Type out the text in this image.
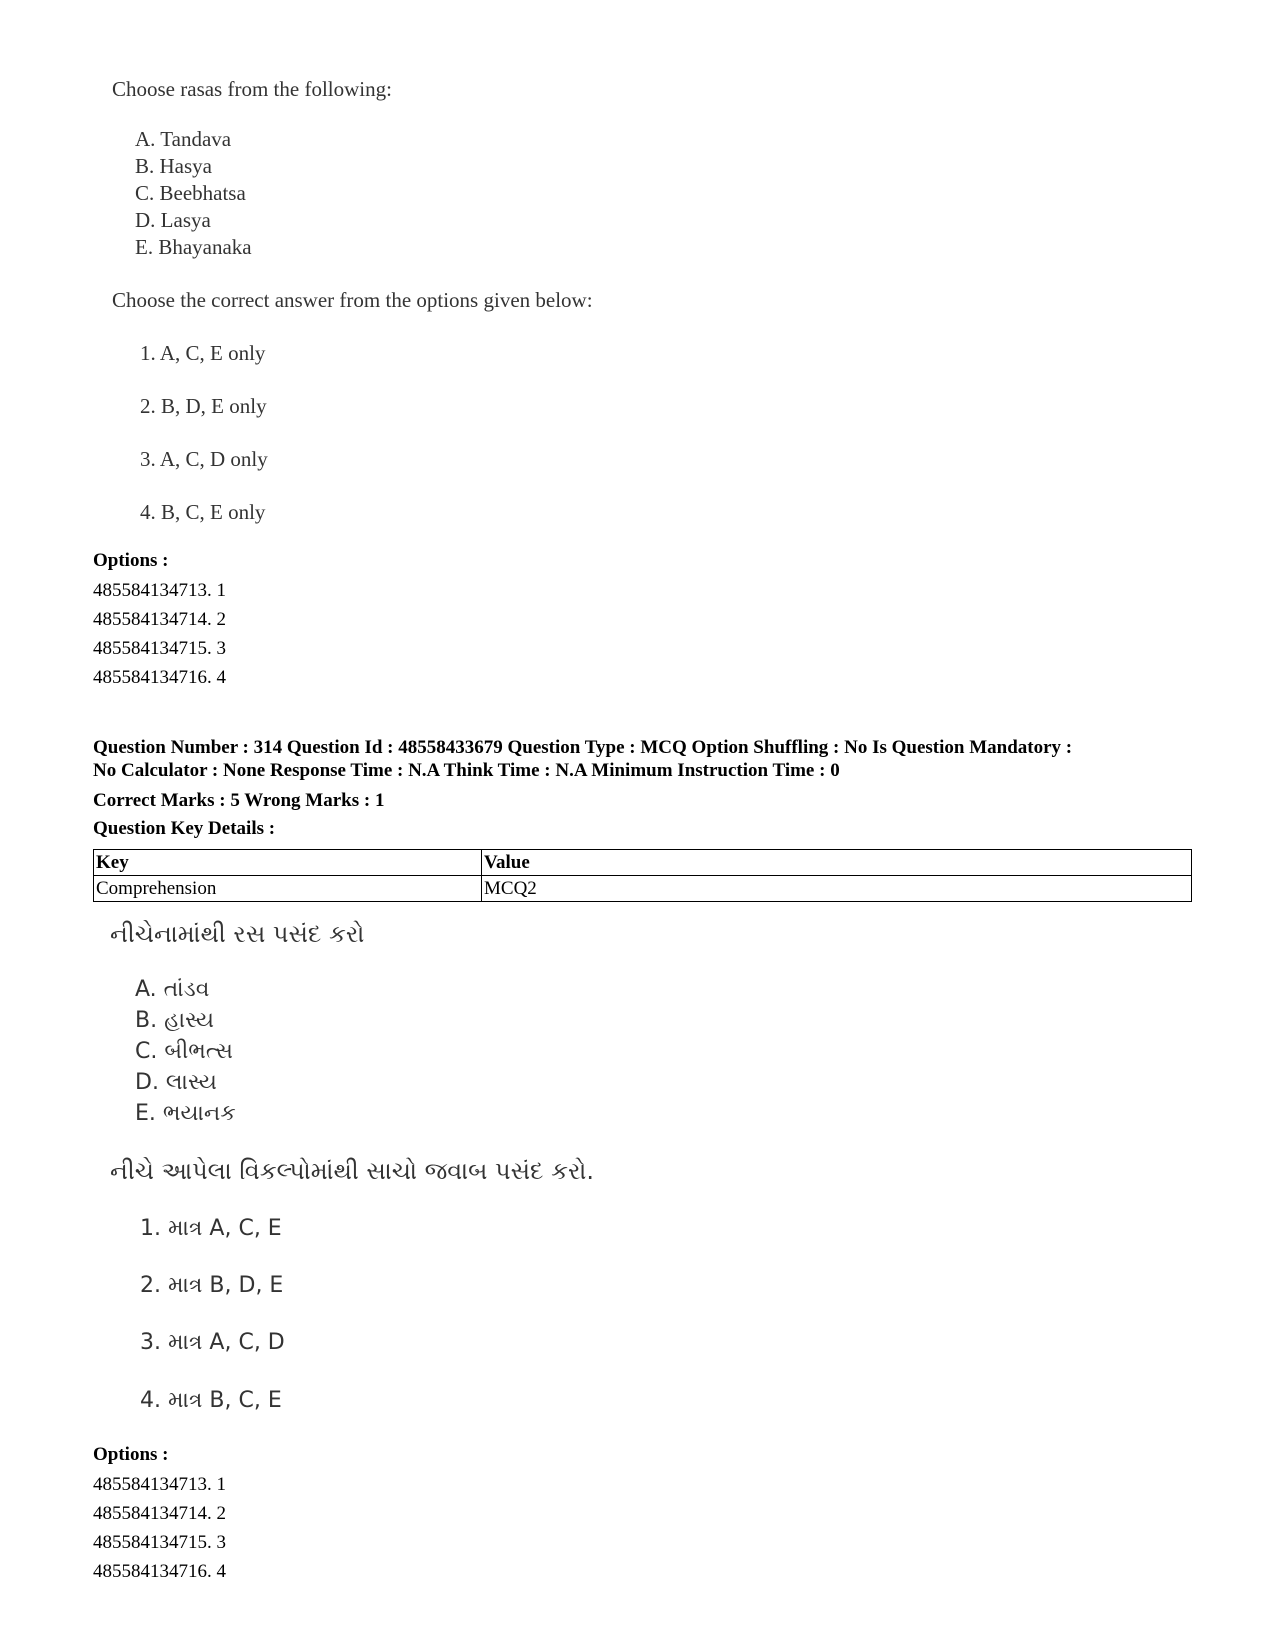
Choose rasas from the following:
A. Tandava
B. Hasya
C. Beebhatsa
D. Lasya
E. Bhayanaka
Choose the correct answer from the options given below:
1. A, C, E only
2. B, D, E only
3. A, C, D only
4. B, C, E only
Options :
485584134713. 1
485584134714. 2
485584134715. 3
485584134716. 4
Question Number : 314 Question Id : 48558433679 Question Type : MCQ Option Shuffling : No Is Question Mandatory :
No Calculator : None Response Time : N.A Think Time : N.A Minimum Instruction Time : 0
Correct Marks : 5 Wrong Marks : 1
Question Key Details :
Key	Value
Comprehension	MCQ2
નીચેનામાંથી રસ પસંદ કરો
A. તાંડવ
B. હાસ્ય
C. બીભત્સ
D. લાસ્ય
E. ભયાનક
નીચે આપેલા વિકલ્પોમાંથી સાચો જવાબ પસંદ કરો.
1. માત્ર A, C, E
2. માત્ર B, D, E
3. માત્ર A, C, D
4. માત્ર B, C, E
Options :
485584134713. 1
485584134714. 2
485584134715. 3
485584134716. 4
